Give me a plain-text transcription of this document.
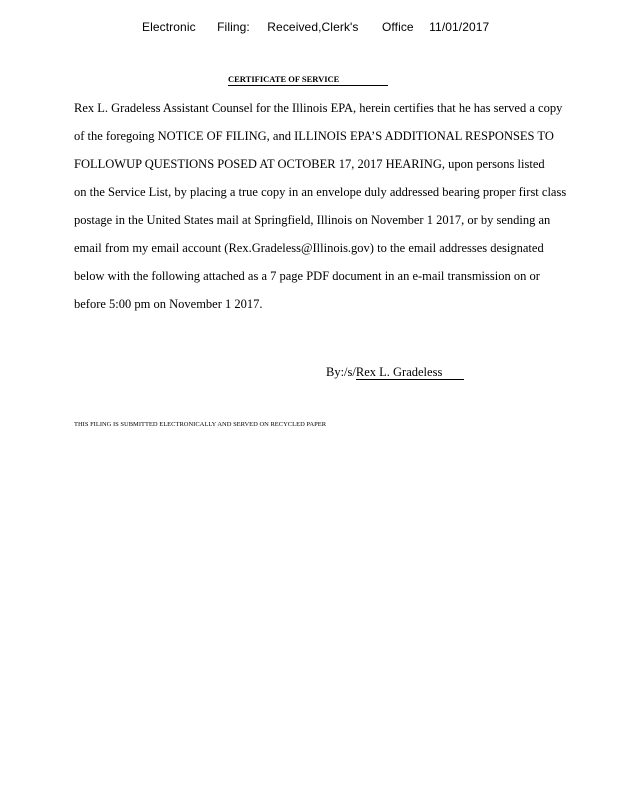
Electronic Filing: Received,Clerk's Office 11/01/2017
CERTIFICATE OF SERVICE
Rex L. Gradeless Assistant Counsel for the Illinois EPA, herein certifies that he has served a copy
of the foregoing NOTICE OF FILING, and ILLINOIS EPA’S ADDITIONAL RESPONSES TO
FOLLOWUP QUESTIONS POSED AT OCTOBER 17, 2017 HEARING, upon persons listed
on the Service List, by placing a true copy in an envelope duly addressed bearing proper first class
postage in the United States mail at Springfield, Illinois on November 1 2017, or by sending an
email from my email account (Rex.Gradeless@Illinois.gov) to the email addresses designated
below with the following attached as a 7 page PDF document in an e-mail transmission on or
before 5:00 pm on November 1 2017.
By:/s/Rex L. Gradeless
THIS FILING IS SUBMITTED ELECTRONICALLY AND SERVED ON RECYCLED PAPER
